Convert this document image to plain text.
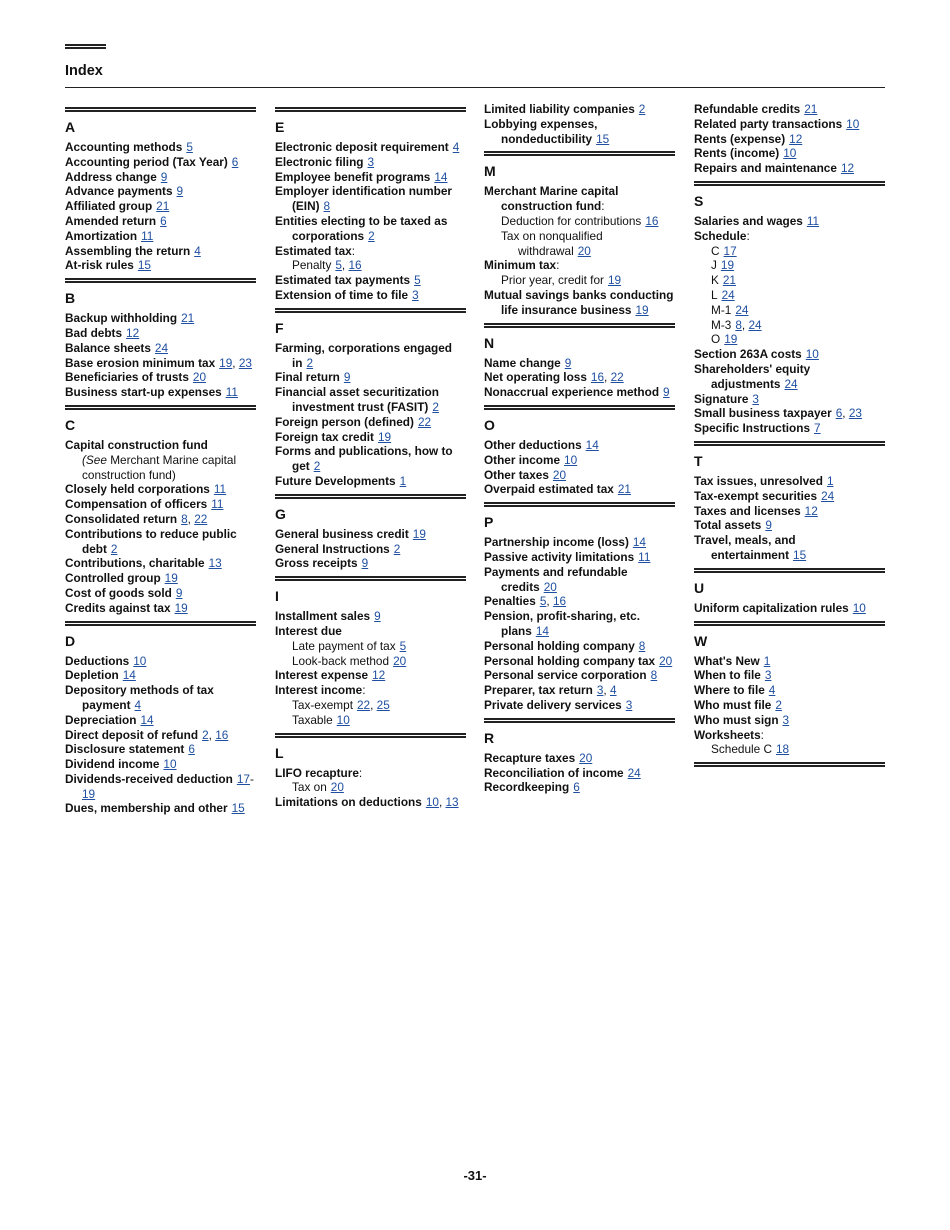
Index
A
Accounting methods 5
Accounting period (Tax Year) 6
Address change 9
Advance payments 9
Affiliated group 21
Amended return 6
Amortization 11
Assembling the return 4
At-risk rules 15
B
Backup withholding 21
Bad debts 12
Balance sheets 24
Base erosion minimum tax 19, 23
Beneficiaries of trusts 20
Business start-up expenses 11
C
Capital construction fund
(See Merchant Marine capital construction fund)
Closely held corporations 11
Compensation of officers 11
Consolidated return 8, 22
Contributions to reduce public debt 2
Contributions, charitable 13
Controlled group 19
Cost of goods sold 9
Credits against tax 19
D
Deductions 10
Depletion 14
Depository methods of tax payment 4
Depreciation 14
Direct deposit of refund 2, 16
Disclosure statement 6
Dividend income 10
Dividends-received deduction 17-19
Dues, membership and other 15
E
Electronic deposit requirement 4
Electronic filing 3
Employee benefit programs 14
Employer identification number (EIN) 8
Entities electing to be taxed as corporations 2
Estimated tax:
Penalty 5, 16
Estimated tax payments 5
Extension of time to file 3
F
Farming, corporations engaged in 2
Final return 9
Financial asset securitization investment trust (FASIT) 2
Foreign person (defined) 22
Foreign tax credit 19
Forms and publications, how to get 2
Future Developments 1
G
General business credit 19
General Instructions 2
Gross receipts 9
I
Installment sales 9
Interest due
Late payment of tax 5
Look-back method 20
Interest expense 12
Interest income:
Tax-exempt 22, 25
Taxable 10
L
LIFO recapture:
Tax on 20
Limitations on deductions 10, 13
Limited liability companies 2
Lobbying expenses, nondeductibility 15
M
Merchant Marine capital construction fund:
Deduction for contributions 16
Tax on nonqualified withdrawal 20
Minimum tax:
Prior year, credit for 19
Mutual savings banks conducting life insurance business 19
N
Name change 9
Net operating loss 16, 22
Nonaccrual experience method 9
O
Other deductions 14
Other income 10
Other taxes 20
Overpaid estimated tax 21
P
Partnership income (loss) 14
Passive activity limitations 11
Payments and refundable credits 20
Penalties 5, 16
Pension, profit-sharing, etc. plans 14
Personal holding company 8
Personal holding company tax 20
Personal service corporation 8
Preparer, tax return 3, 4
Private delivery services 3
R
Recapture taxes 20
Reconciliation of income 24
Recordkeeping 6
Refundable credits 21
Related party transactions 10
Rents (expense) 12
Rents (income) 10
Repairs and maintenance 12
S
Salaries and wages 11
Schedule:
C 17
J 19
K 21
L 24
M-1 24
M-3 8, 24
O 19
Section 263A costs 10
Shareholders' equity adjustments 24
Signature 3
Small business taxpayer 6, 23
Specific Instructions 7
T
Tax issues, unresolved 1
Tax-exempt securities 24
Taxes and licenses 12
Total assets 9
Travel, meals, and entertainment 15
U
Uniform capitalization rules 10
W
What's New 1
When to file 3
Where to file 4
Who must file 2
Who must sign 3
Worksheets:
Schedule C 18
-31-
